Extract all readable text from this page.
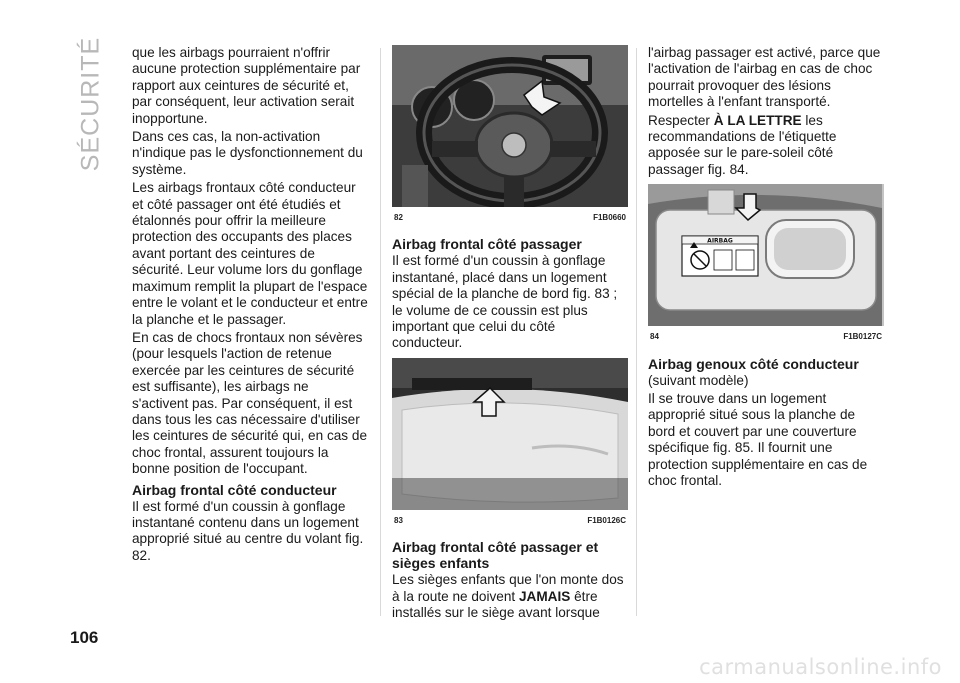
SÉCURITÉ
106

que les airbags pourraient n'offrir aucune protection supplémentaire par rapport aux ceintures de sécurité et, par conséquent, leur activation serait inopportune.

Dans ces cas, la non-activation n'indique pas le dysfonctionnement du système.

Les airbags frontaux côté conducteur et côté passager ont été étudiés et étalonnés pour offrir la meilleure protection des occupants des places avant portant des ceintures de sécurité. Leur volume lors du gonflage maximum remplit la plupart de l'espace entre le volant et le conducteur et entre la planche et le passager.

En cas de chocs frontaux non sévères (pour lesquels l'action de retenue exercée par les ceintures de sécurité est suffisante), les airbags ne s'activent pas. Par conséquent, il est dans tous les cas nécessaire d'utiliser les ceintures de sécurité qui, en cas de choc frontal, assurent toujours la bonne position de l'occupant.

Airbag frontal côté conducteur

Il est formé d'un coussin à gonflage instantané contenu dans un logement approprié situé au centre du volant fig. 82.

82	F1B0660
Airbag frontal côté passager

Il est formé d'un coussin à gonflage instantané, placé dans un logement spécial de la planche de bord fig. 83 ; le volume de ce coussin est plus important que celui du côté conducteur.

83	F1B0126C
Airbag frontal côté passager et sièges enfants

Les sièges enfants que l'on monte dos à la route ne doivent JAMAIS être installés sur le siège avant lorsque

l'airbag passager est activé, parce que l'activation de l'airbag en cas de choc pourrait provoquer des lésions mortelles à l'enfant transporté.

Respecter À LA LETTRE les recommandations de l'étiquette apposée sur le pare-soleil côté passager fig. 84.

AIRBAG
84	F1B0127C
Airbag genoux côté conducteur

(suivant modèle)

Il se trouve dans un logement approprié situé sous la planche de bord et couvert par une couverture spécifique fig. 85. Il fournit une protection supplémentaire en cas de choc frontal.

carmanualsonline.info
